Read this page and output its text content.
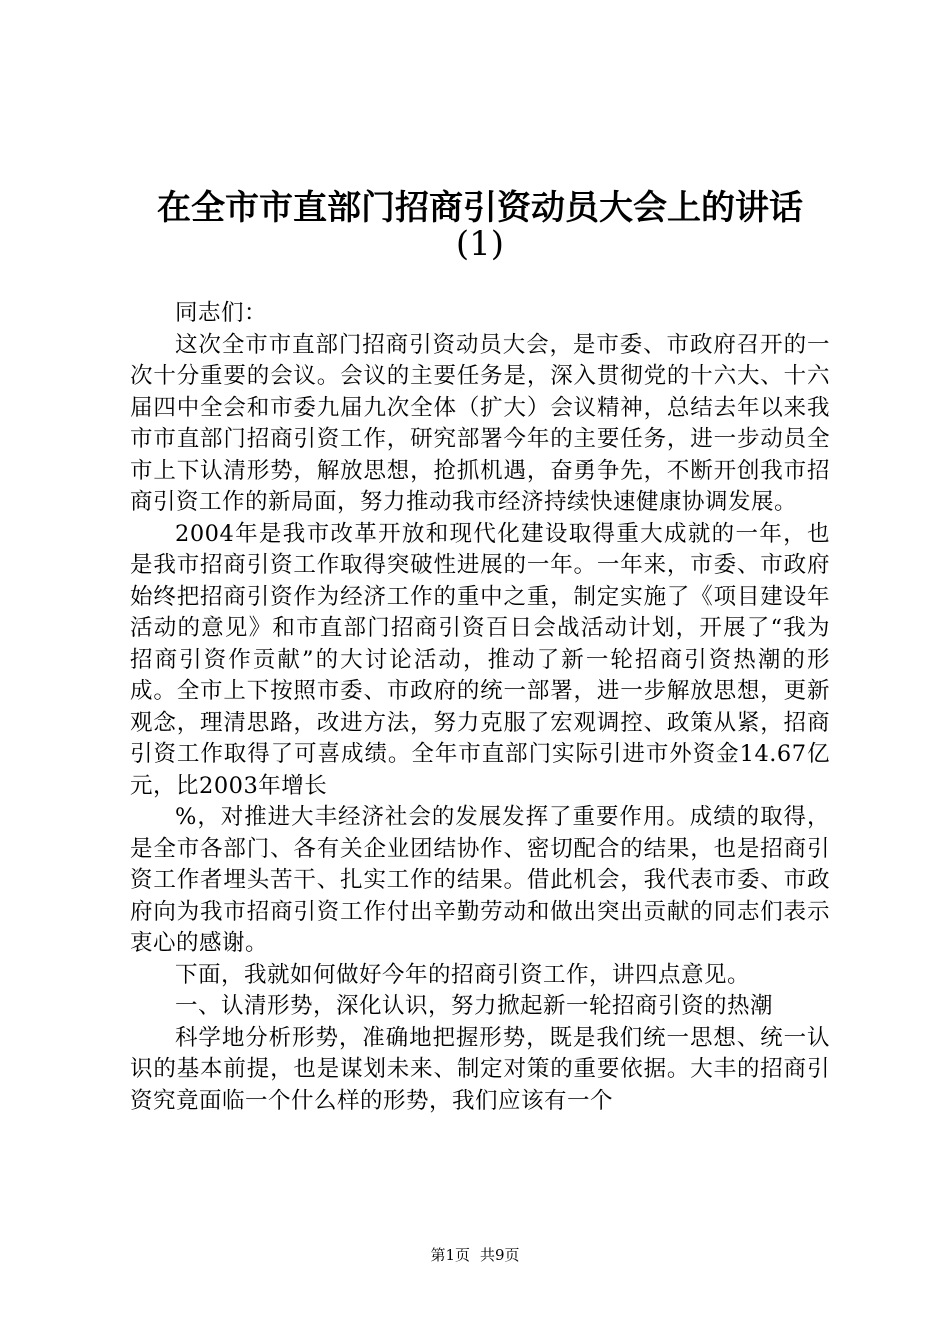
在全市市直部门招商引资动员大会上的讲话
(1)

同志们：

这次全市市直部门招商引资动员大会，是市委、市政府召开的一次十分重要的会议。会议的主要任务是，深入贯彻党的十六大、十六届四中全会和市委九届九次全体（扩大）会议精神，总结去年以来我市市直部门招商引资工作，研究部署今年的主要任务，进一步动员全市上下认清形势，解放思想，抢抓机遇，奋勇争先，不断开创我市招商引资工作的新局面，努力推动我市经济持续快速健康协调发展。

2004年是我市改革开放和现代化建设取得重大成就的一年，也是我市招商引资工作取得突破性进展的一年。一年来，市委、市政府始终把招商引资作为经济工作的重中之重，制定实施了《项目建设年活动的意见》和市直部门招商引资百日会战活动计划，开展了“我为招商引资作贡献”的大讨论活动，推动了新一轮招商引资热潮的形成。全市上下按照市委、市政府的统一部署，进一步解放思想，更新观念，理清思路，改进方法，努力克服了宏观调控、政策从紧，招商引资工作取得了可喜成绩。全年市直部门实际引进市外资金14.67亿元，比2003年增长

%，对推进大丰经济社会的发展发挥了重要作用。成绩的取得，是全市各部门、各有关企业团结协作、密切配合的结果，也是招商引资工作者埋头苦干、扎实工作的结果。借此机会，我代表市委、市政府向为我市招商引资工作付出辛勤劳动和做出突出贡献的同志们表示衷心的感谢。

下面，我就如何做好今年的招商引资工作，讲四点意见。

一、认清形势，深化认识，努力掀起新一轮招商引资的热潮

科学地分析形势，准确地把握形势，既是我们统一思想、统一认识的基本前提，也是谋划未来、制定对策的重要依据。大丰的招商引资究竟面临一个什么样的形势，我们应该有一个

第1页 共9页
